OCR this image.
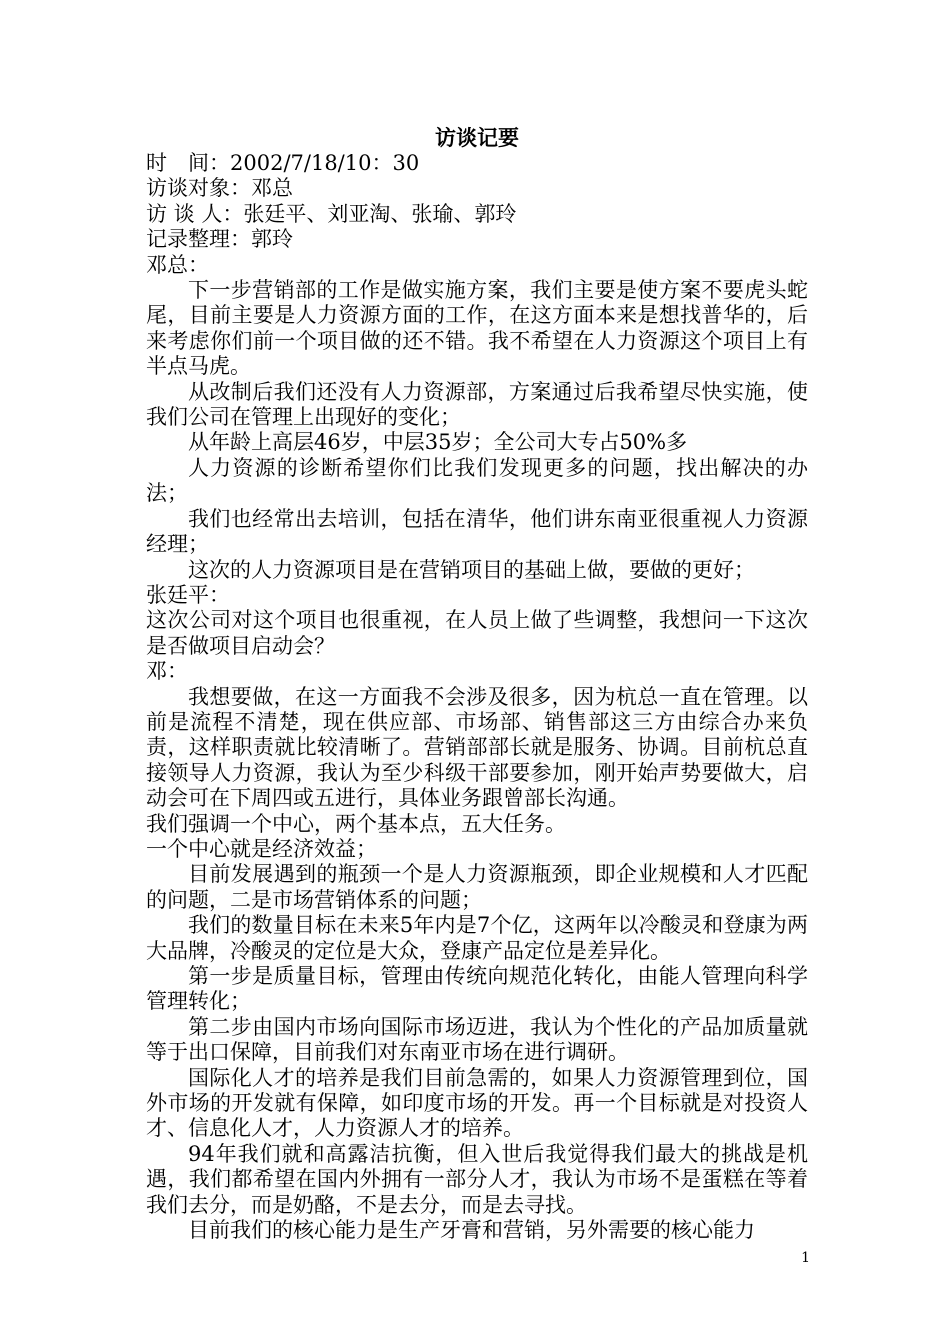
访谈记要

时　间：2002/7/18/10：30

访谈对象：邓总

访 谈 人：张廷平、刘亚淘、张瑜、郭玲

记录整理：郭玲

邓总：

下一步营销部的工作是做实施方案，我们主要是使方案不要虎头蛇尾，目前主要是人力资源方面的工作，在这方面本来是想找普华的，后来考虑你们前一个项目做的还不错。我不希望在人力资源这个项目上有半点马虎。

从改制后我们还没有人力资源部，方案通过后我希望尽快实施，使我们公司在管理上出现好的变化；

从年龄上高层46岁，中层35岁；全公司大专占50%多

人力资源的诊断希望你们比我们发现更多的问题，找出解决的办法；

我们也经常出去培训，包括在清华，他们讲东南亚很重视人力资源经理；

这次的人力资源项目是在营销项目的基础上做，要做的更好；

张廷平：

这次公司对这个项目也很重视，在人员上做了些调整，我想问一下这次是否做项目启动会？

邓：

我想要做，在这一方面我不会涉及很多，因为杭总一直在管理。以前是流程不清楚，现在供应部、市场部、销售部这三方由综合办来负责，这样职责就比较清晰了。营销部部长就是服务、协调。目前杭总直接领导人力资源，我认为至少科级干部要参加，刚开始声势要做大，启动会可在下周四或五进行，具体业务跟曾部长沟通。

我们强调一个中心，两个基本点，五大任务。

一个中心就是经济效益；

目前发展遇到的瓶颈一个是人力资源瓶颈，即企业规模和人才匹配的问题，二是市场营销体系的问题；

我们的数量目标在未来5年内是7个亿，这两年以冷酸灵和登康为两大品牌，冷酸灵的定位是大众，登康产品定位是差异化。

第一步是质量目标，管理由传统向规范化转化，由能人管理向科学管理转化；

第二步由国内市场向国际市场迈进，我认为个性化的产品加质量就等于出口保障，目前我们对东南亚市场在进行调研。

国际化人才的培养是我们目前急需的，如果人力资源管理到位，国外市场的开发就有保障，如印度市场的开发。再一个目标就是对投资人才、信息化人才，人力资源人才的培养。

94年我们就和高露洁抗衡，但入世后我觉得我们最大的挑战是机遇，我们都希望在国内外拥有一部分人才，我认为市场不是蛋糕在等着我们去分，而是奶酪，不是去分，而是去寻找。

目前我们的核心能力是生产牙膏和营销，另外需要的核心能力

1
